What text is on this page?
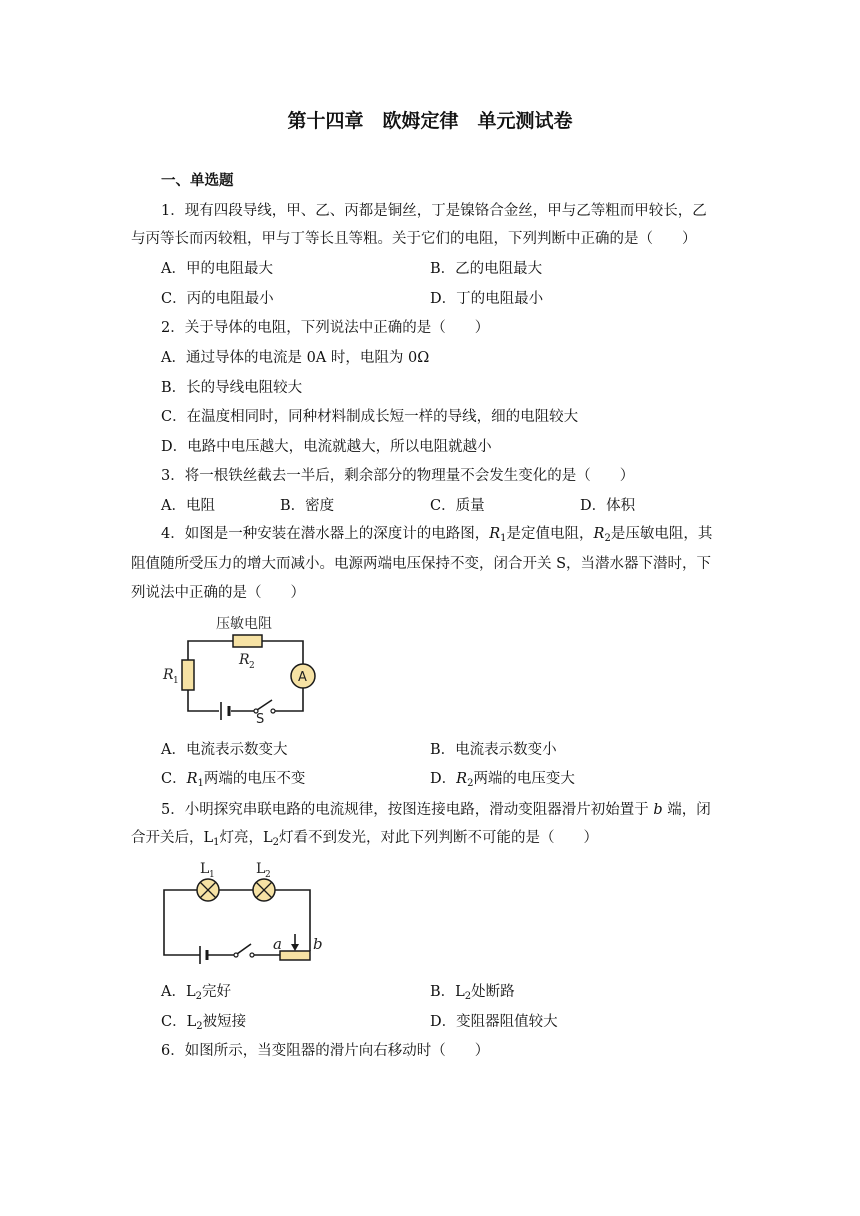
第十四章　欧姆定律　单元测试卷
一、单选题
1．现有四段导线，甲、乙、丙都是铜丝，丁是镍铬合金丝，甲与乙等粗而甲较长，乙
与丙等长而丙较粗，甲与丁等长且等粗。关于它们的电阻，下列判断中正确的是（　　）
A．甲的电阻最大	B．乙的电阻最大
C．丙的电阻最小	D．丁的电阻最小
2．关于导体的电阻，下列说法中正确的是（　　）
A．通过导体的电流是 0A 时，电阻为 0Ω
B．长的导线电阻较大
C．在温度相同时，同种材料制成长短一样的导线，细的电阻较大
D．电路中电压越大，电流就越大，所以电阻就越小
3．将一根铁丝截去一半后，剩余部分的物理量不会发生变化的是（　　）
A．电阻	B．密度	C．质量	D．体积
4．如图是一种安装在潜水器上的深度计的电路图，$R_1$是定值电阻，$R_2$是压敏电阻，其
阻值随所受压力的增大而减小。电源两端电压保持不变，闭合开关 S，当潜水器下潜时，下
列说法中正确的是（　　）
压敏电阻
R 2
R 1	A
S
A．电流表示数变大	B．电流表示数变小
C．$R_1$两端的电压不变	D．$R_2$两端的电压变大
5．小明探究串联电路的电流规律，按图连接电路，滑动变阻器滑片初始置于 b 端，闭
合开关后，$L_1$灯亮，$L_2$灯看不到发光，对此下列判断不可能的是（　　）
L 1	L 2
a b
A．$L_2$完好	B．$L_2$处断路
C．$L_2$被短接	D．变阻器阻值较大
6．如图所示，当变阻器的滑片向右移动时（　　）
